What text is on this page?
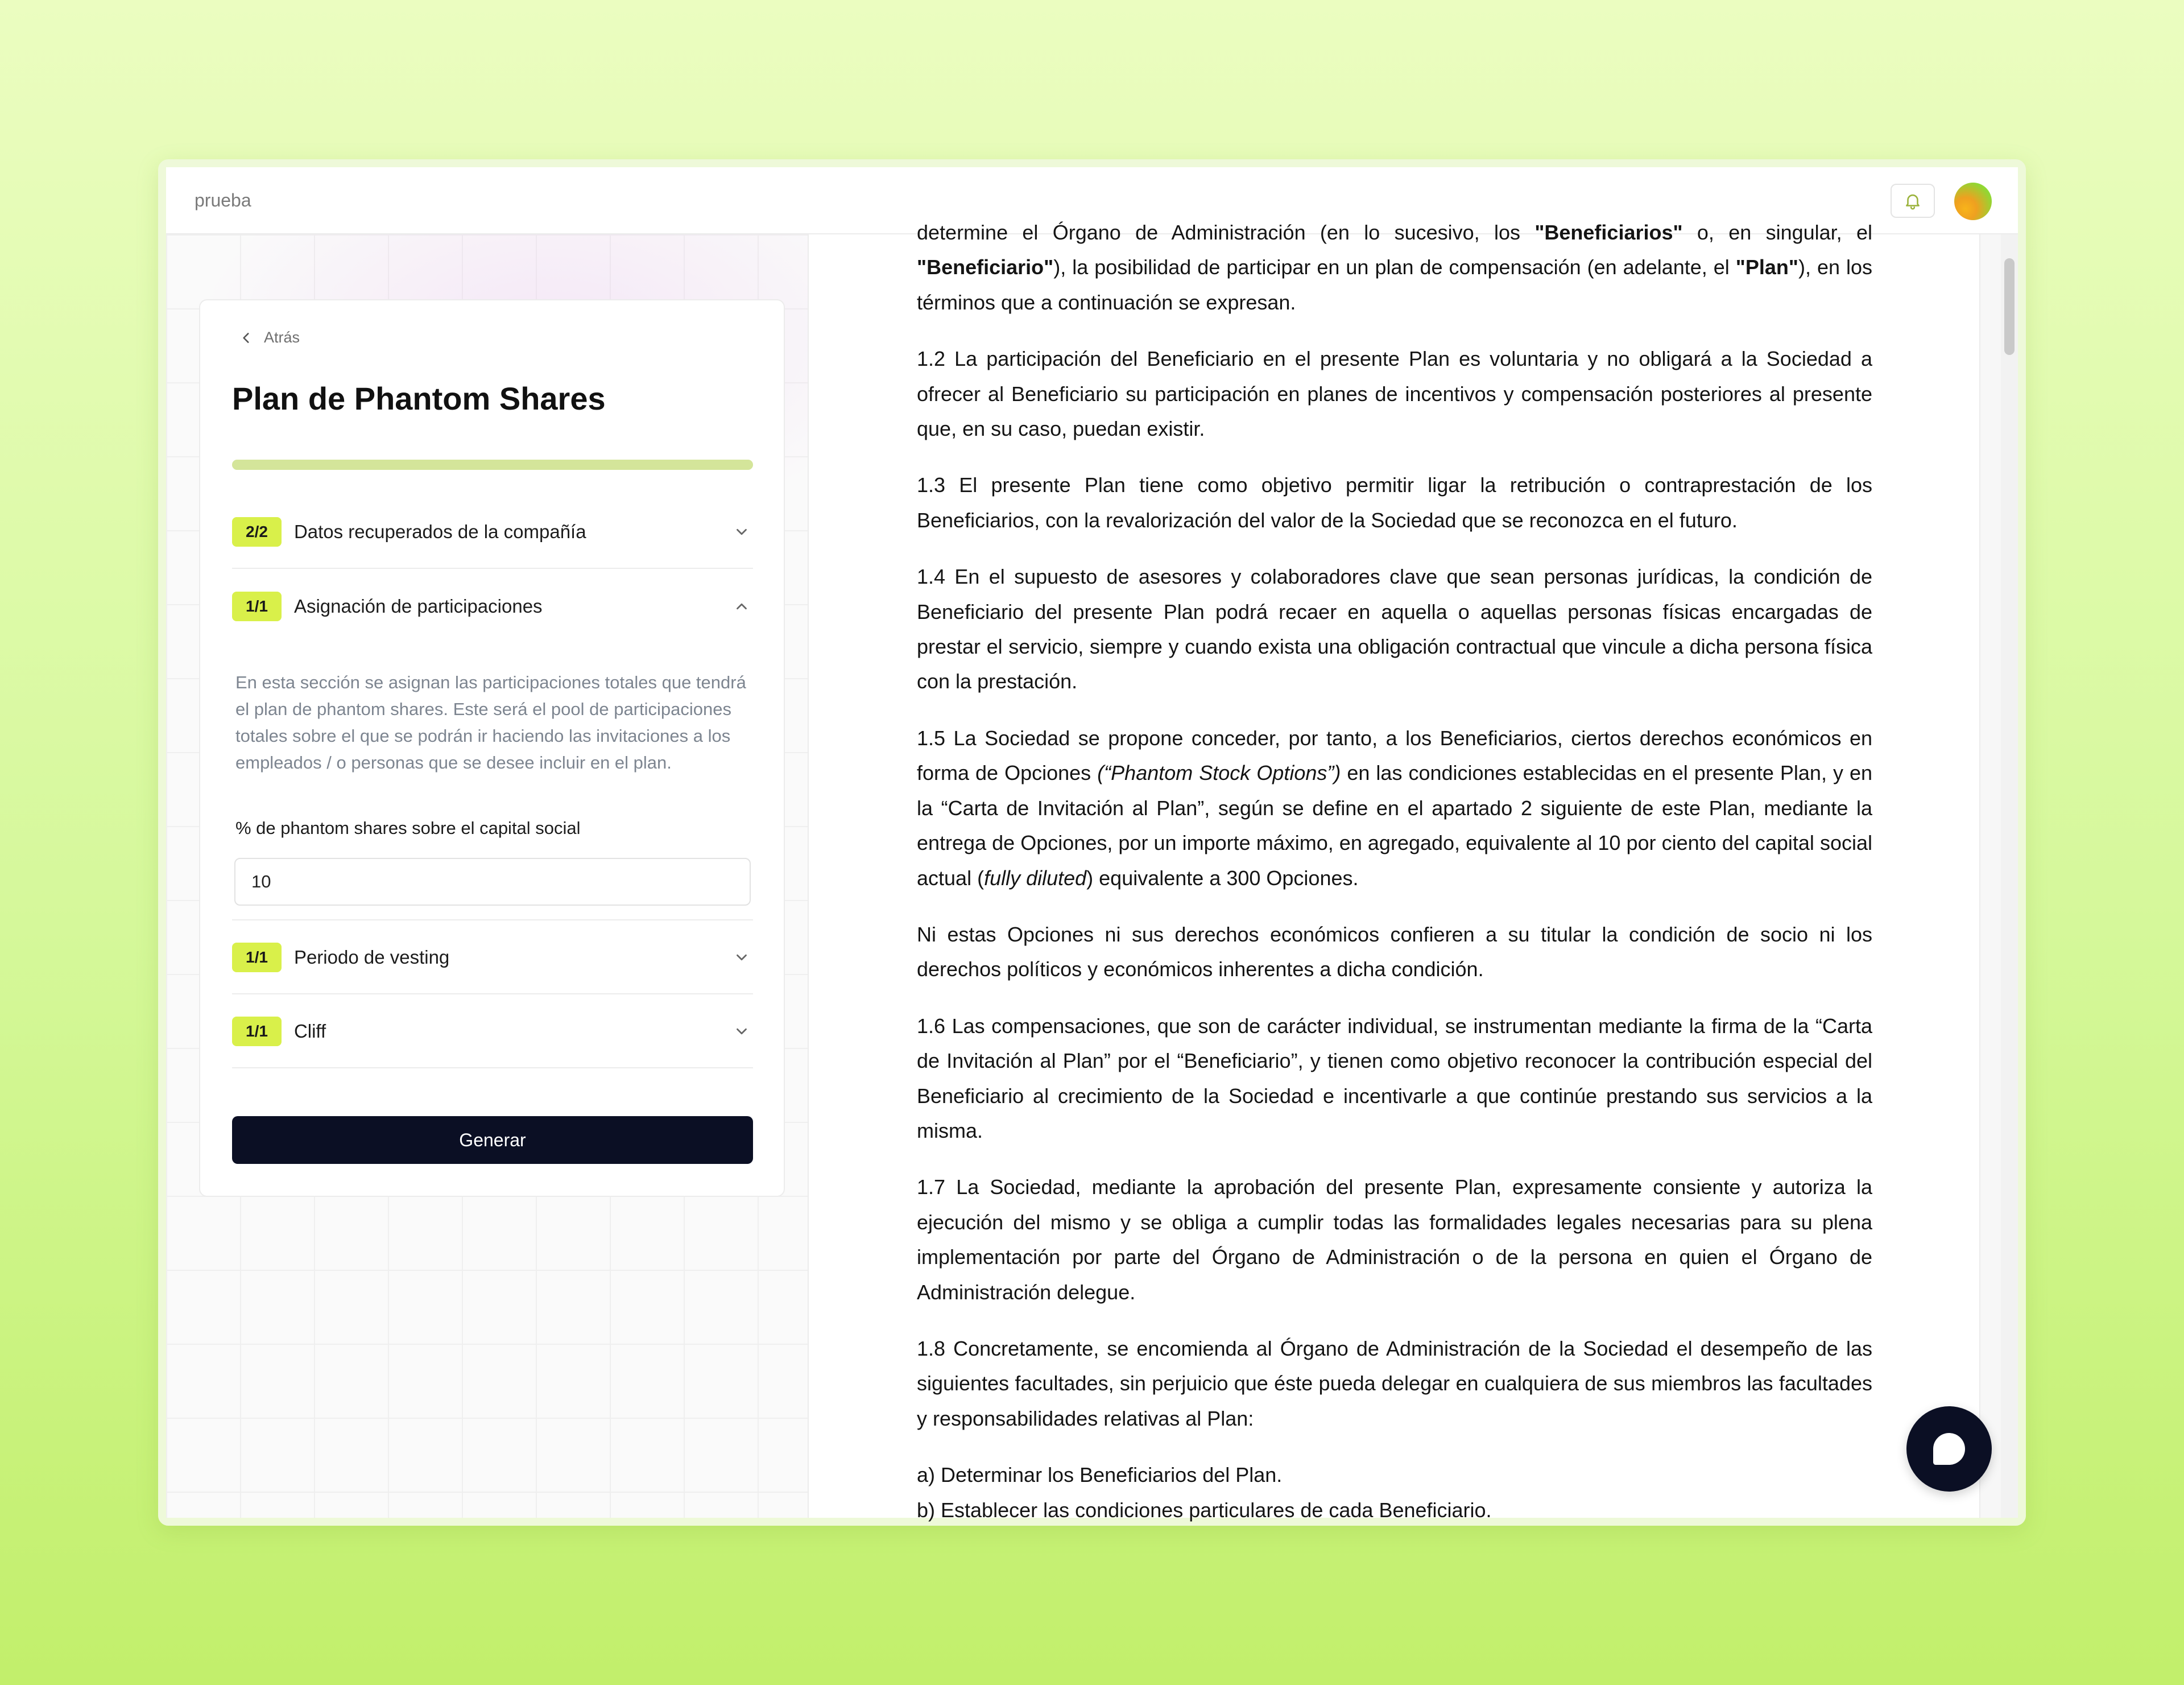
prueba
Atrás
Plan de Phantom Shares
2/2	Datos recuperados de la compañía
1/1	Asignación de participaciones
En esta sección se asignan las participaciones totales que tendrá el plan de phantom shares. Este será el pool de participaciones totales sobre el que se podrán ir haciendo las invitaciones a los empleados / o personas que se desee incluir en el plan.
% de phantom shares sobre el capital social
10
1/1	Periodo de vesting
1/1	Cliff
Generar

determine el Órgano de Administración (en lo sucesivo, los "Beneficiarios" o, en singular, el "Beneficiario"), la posibilidad de participar en un plan de compensación (en adelante, el "Plan"), en los términos que a continuación se expresan.

1.2 La participación del Beneficiario en el presente Plan es voluntaria y no obligará a la Sociedad a ofrecer al Beneficiario su participación en planes de incentivos y compensación posteriores al presente que, en su caso, puedan existir.

1.3 El presente Plan tiene como objetivo permitir ligar la retribución o contraprestación de los Beneficiarios, con la revalorización del valor de la Sociedad que se reconozca en el futuro.

1.4 En el supuesto de asesores y colaboradores clave que sean personas jurídicas, la condición de Beneficiario del presente Plan podrá recaer en aquella o aquellas personas físicas encargadas de prestar el servicio, siempre y cuando exista una obligación contractual que vincule a dicha persona física con la prestación.

1.5 La Sociedad se propone conceder, por tanto, a los Beneficiarios, ciertos derechos económicos en forma de Opciones (“Phantom Stock Options”) en las condiciones establecidas en el presente Plan, y en la “Carta de Invitación al Plan”, según se define en el apartado 2 siguiente de este Plan, mediante la entrega de Opciones, por un importe máximo, en agregado, equivalente al 10 por ciento del capital social actual (fully diluted) equivalente a 300 Opciones.

Ni estas Opciones ni sus derechos económicos confieren a su titular la condición de socio ni los derechos políticos y económicos inherentes a dicha condición.

1.6 Las compensaciones, que son de carácter individual, se instrumentan mediante la firma de la “Carta de Invitación al Plan” por el “Beneficiario”, y tienen como objetivo reconocer la contribución especial del Beneficiario al crecimiento de la Sociedad e incentivarle a que continúe prestando sus servicios a la misma.

1.7 La Sociedad, mediante la aprobación del presente Plan, expresamente consiente y autoriza la ejecución del mismo y se obliga a cumplir todas las formalidades legales necesarias para su plena implementación por parte del Órgano de Administración o de la persona en quien el Órgano de Administración delegue.

1.8 Concretamente, se encomienda al Órgano de Administración de la Sociedad el desempeño de las siguientes facultades, sin perjuicio que éste pueda delegar en cualquiera de sus miembros las facultades y responsabilidades relativas al Plan:

a) Determinar los Beneficiarios del Plan.

b) Establecer las condiciones particulares de cada Beneficiario.
